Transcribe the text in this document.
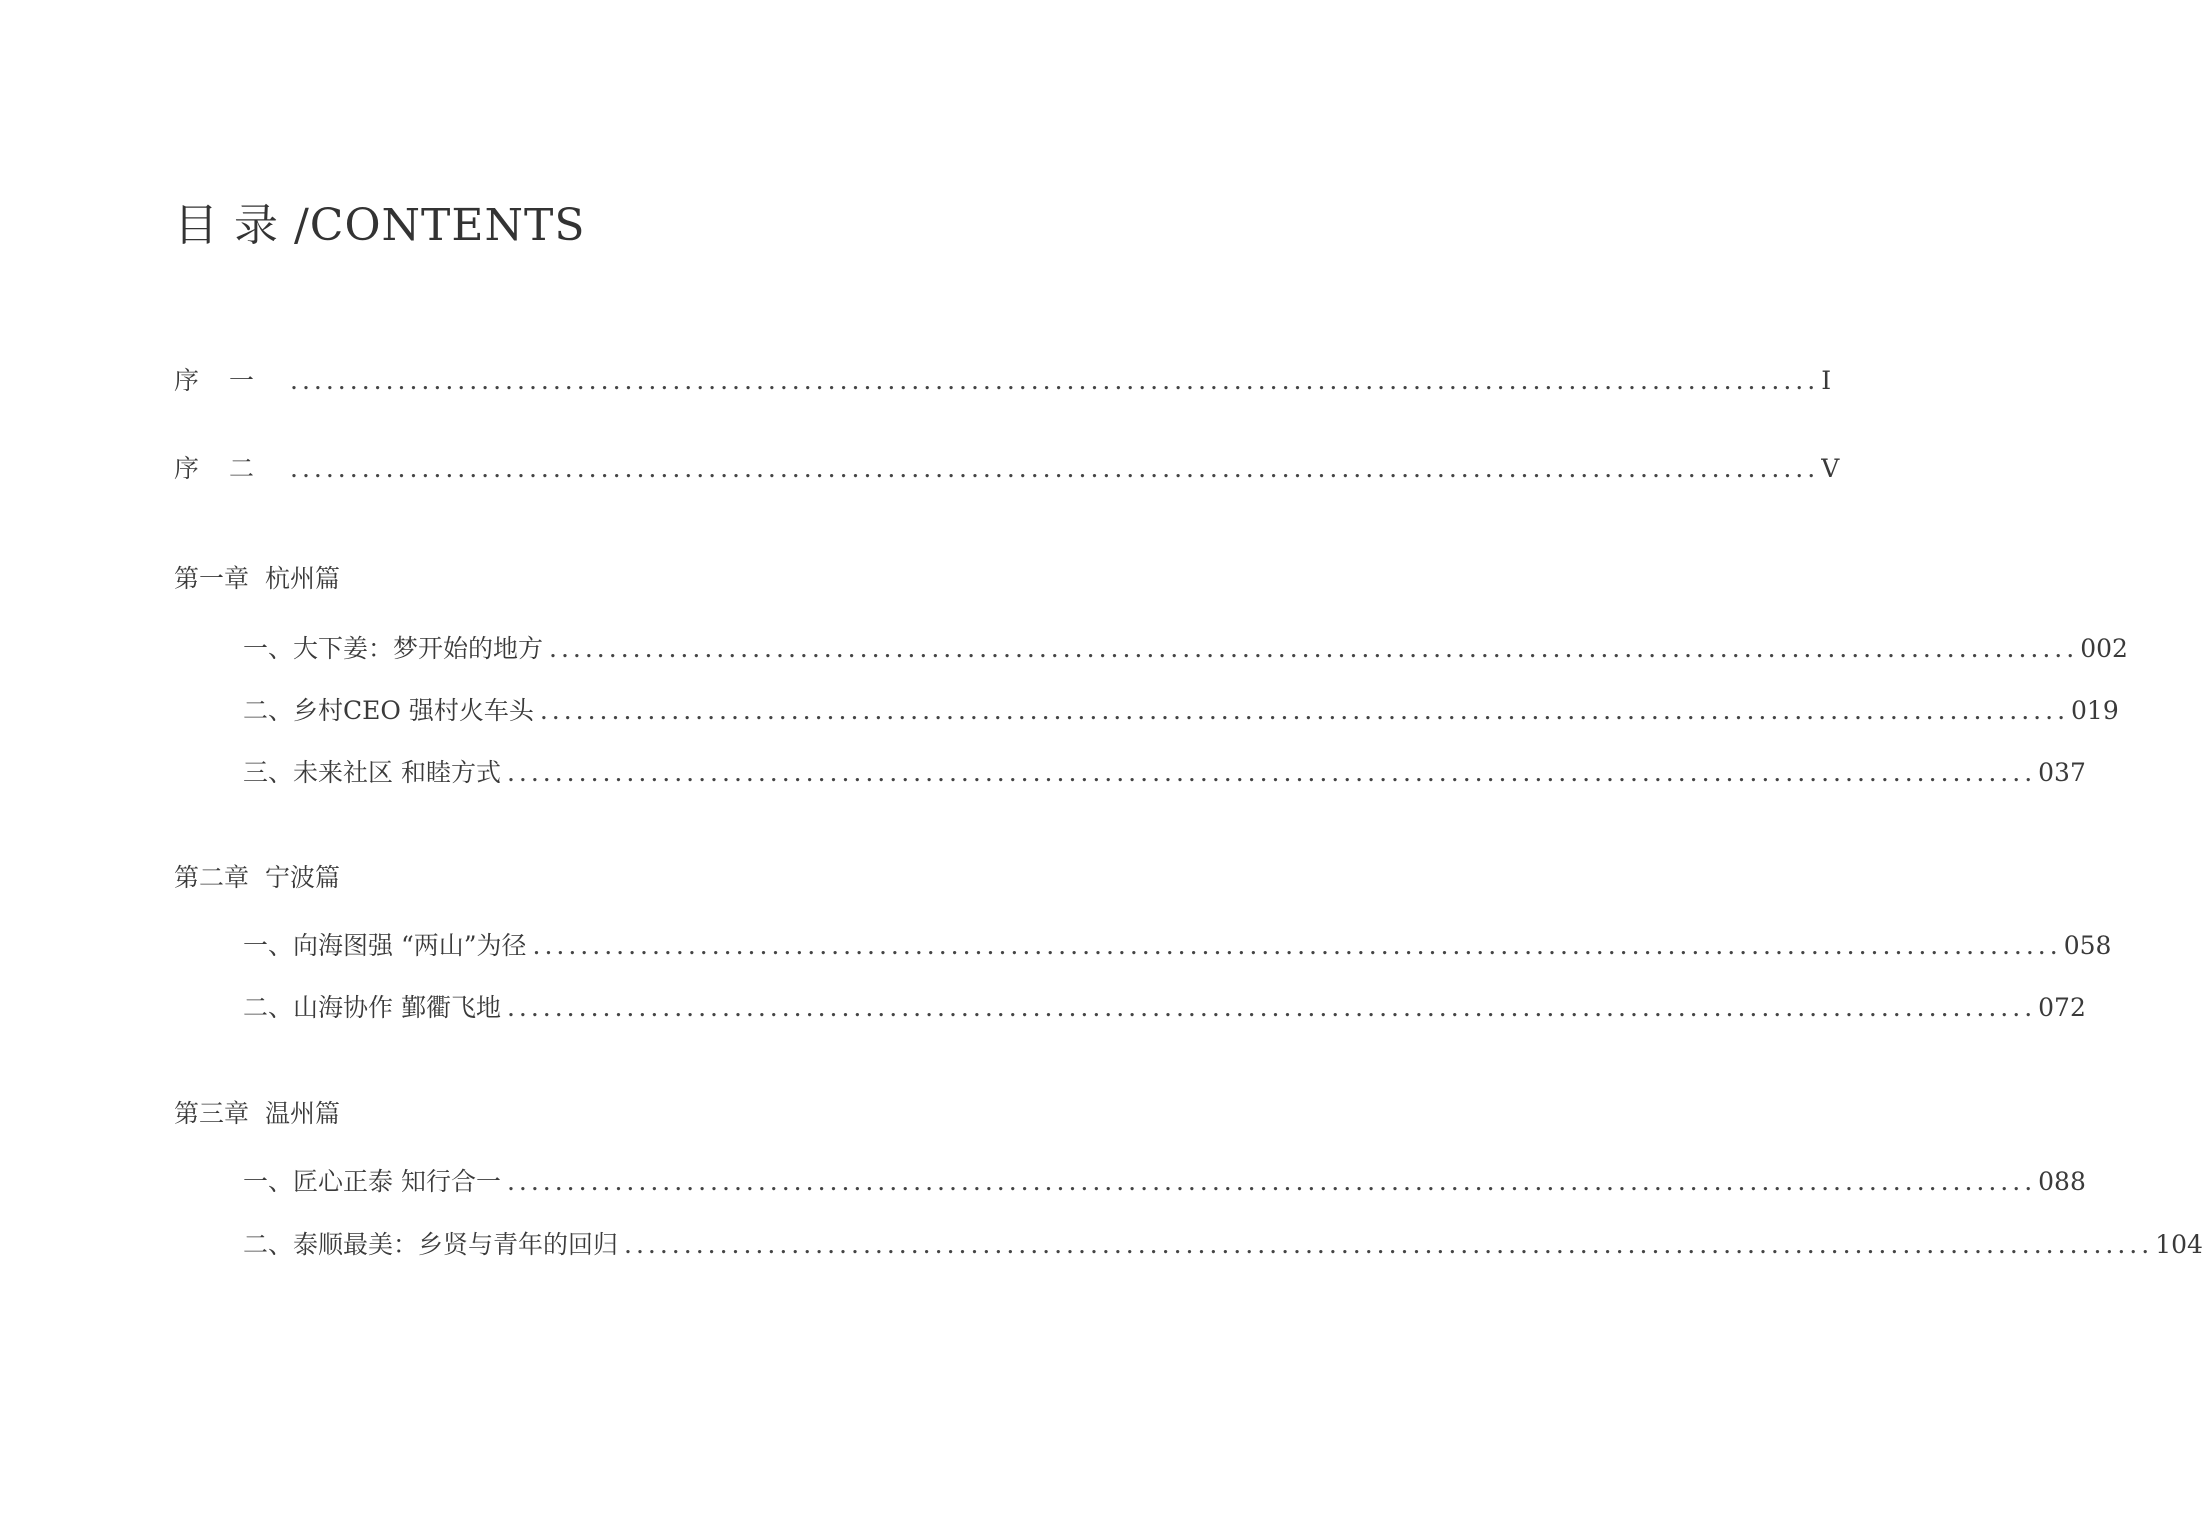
目 录 /CONTENTS
序一 ................................................................................................................................ I
序二 ................................................................................................................................ V
第一章 杭州篇
一、大下姜：梦开始的地方 ................................................................................................................................ 002
二、乡村CEO 强村火车头 ................................................................................................................................ 019
三、未来社区 和睦方式 ................................................................................................................................ 037
第二章 宁波篇
一、向海图强 “两山”为径 ................................................................................................................................ 058
二、山海协作 鄞衢飞地 ................................................................................................................................ 072
第三章 温州篇
一、匠心正泰 知行合一 ................................................................................................................................ 088
二、泰顺最美：乡贤与青年的回归 ................................................................................................................................ 104
